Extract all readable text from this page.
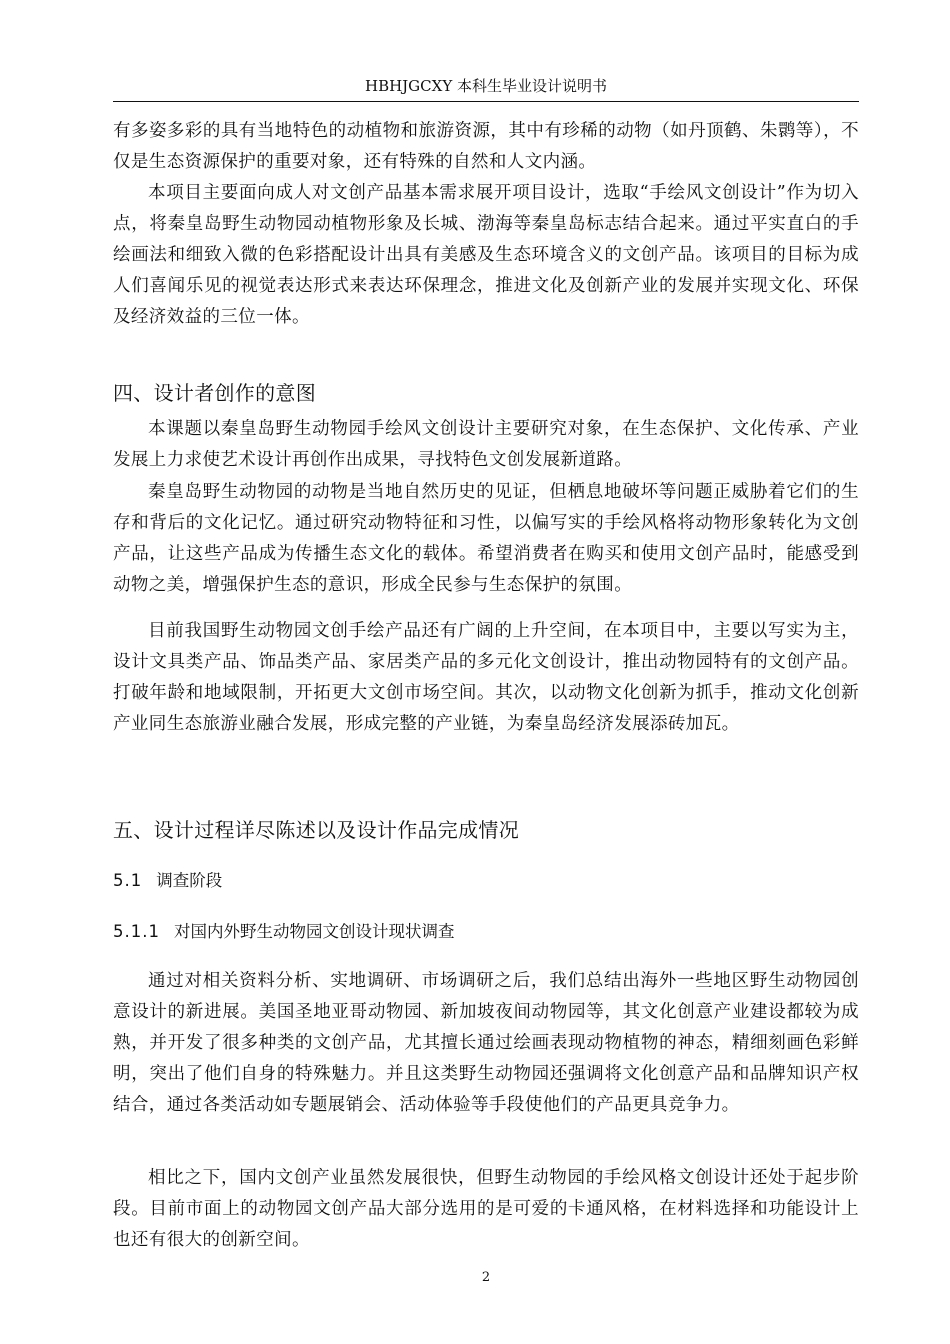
HBHJGCXY 本科生毕业设计说明书

有多姿多彩的具有当地特色的动植物和旅游资源，其中有珍稀的动物（如丹顶鹤、朱鹮等），不仅是生态资源保护的重要对象，还有特殊的自然和人文内涵。

本项目主要面向成人对文创产品基本需求展开项目设计，选取“手绘风文创设计”作为切入点，将秦皇岛野生动物园动植物形象及长城、渤海等秦皇岛标志结合起来。通过平实直白的手绘画法和细致入微的色彩搭配设计出具有美感及生态环境含义的文创产品。该项目的目标为成人们喜闻乐见的视觉表达形式来表达环保理念，推进文化及创新产业的发展并实现文化、环保及经济效益的三位一体。

四、设计者创作的意图

本课题以秦皇岛野生动物园手绘风文创设计主要研究对象，在生态保护、文化传承、产业发展上力求使艺术设计再创作出成果，寻找特色文创发展新道路。

秦皇岛野生动物园的动物是当地自然历史的见证，但栖息地破坏等问题正威胁着它们的生存和背后的文化记忆。通过研究动物特征和习性，以偏写实的手绘风格将动物形象转化为文创产品，让这些产品成为传播生态文化的载体。希望消费者在购买和使用文创产品时，能感受到动物之美，增强保护生态的意识，形成全民参与生态保护的氛围。

目前我国野生动物园文创手绘产品还有广阔的上升空间，在本项目中，主要以写实为主，设计文具类产品、饰品类产品、家居类产品的多元化文创设计，推出动物园特有的文创产品。打破年龄和地域限制，开拓更大文创市场空间。其次，以动物文化创新为抓手，推动文化创新产业同生态旅游业融合发展，形成完整的产业链，为秦皇岛经济发展添砖加瓦。

五、设计过程详尽陈述以及设计作品完成情况
5.1 调查阶段
5.1.1 对国内外野生动物园文创设计现状调查

通过对相关资料分析、实地调研、市场调研之后，我们总结出海外一些地区野生动物园创意设计的新进展。美国圣地亚哥动物园、新加坡夜间动物园等，其文化创意产业建设都较为成熟，并开发了很多种类的文创产品，尤其擅长通过绘画表现动物植物的神态，精细刻画色彩鲜明，突出了他们自身的特殊魅力。并且这类野生动物园还强调将文化创意产品和品牌知识产权结合，通过各类活动如专题展销会、活动体验等手段使他们的产品更具竞争力。

相比之下，国内文创产业虽然发展很快，但野生动物园的手绘风格文创设计还处于起步阶段。目前市面上的动物园文创产品大部分选用的是可爱的卡通风格，在材料选择和功能设计上也还有很大的创新空间。

2
